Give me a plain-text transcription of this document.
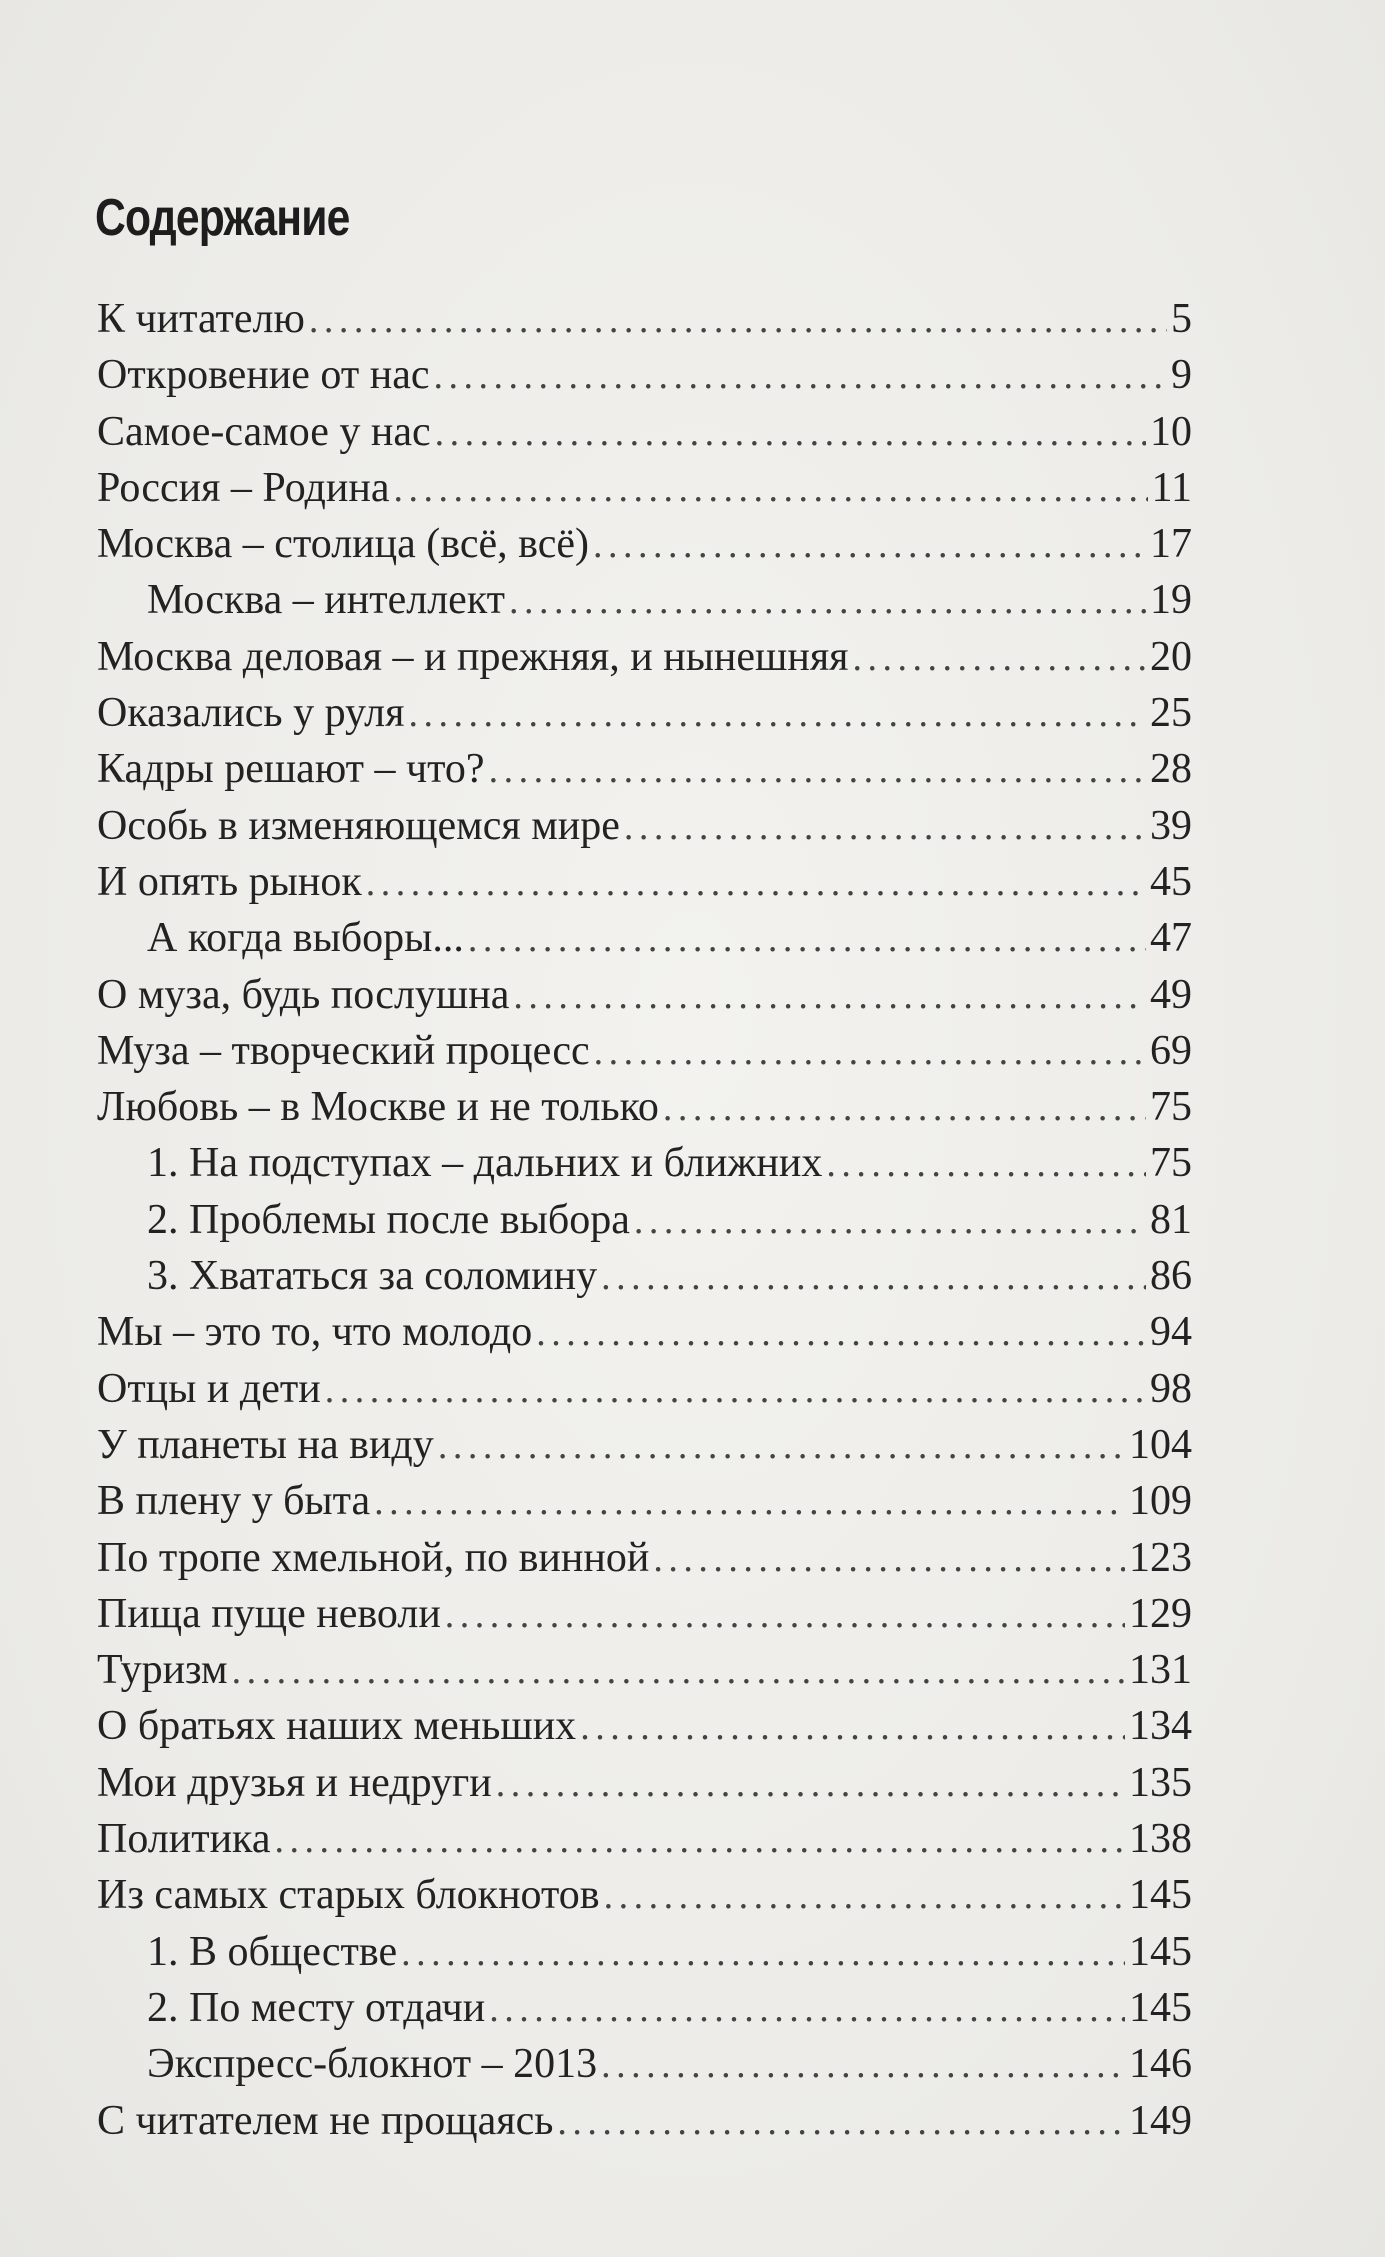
Содержание
К читателю . . .	5
Откровение от нас . . .	9
Самое-самое у нас . . .	10
Россия – Родина . . .	11
Москва – столица (всё, всё) . . .	17
Москва – интеллект . . .	19
Москва деловая – и прежняя, и нынешняя . . .	20
Оказались у руля . . .	25
Кадры решают – что? . . .	28
Особь в изменяющемся мире . . .	39
И опять рынок . . .	45
А когда выборы... . . .	47
О муза, будь послушна . . .	49
Муза – творческий процесс . . .	69
Любовь – в Москве и не только . . .	75
1. На подступах – дальних и ближних . . .	75
2. Проблемы после выбора . . .	81
3. Хвататься за соломину . . .	86
Мы – это то, что молодо . . .	94
Отцы и дети . . .	98
У планеты на виду . . .	104
В плену у быта . . .	109
По тропе хмельной, по винной . . .	123
Пища пуще неволи . . .	129
Туризм . . .	131
О братьях наших меньших . . .	134
Мои друзья и недруги . . .	135
Политика . . .	138
Из самых старых блокнотов . . .	145
1. В обществе . . .	145
2. По месту отдачи . . .	145
Экспресс-блокнот – 2013 . . .	146
С читателем не прощаясь . . .	149
